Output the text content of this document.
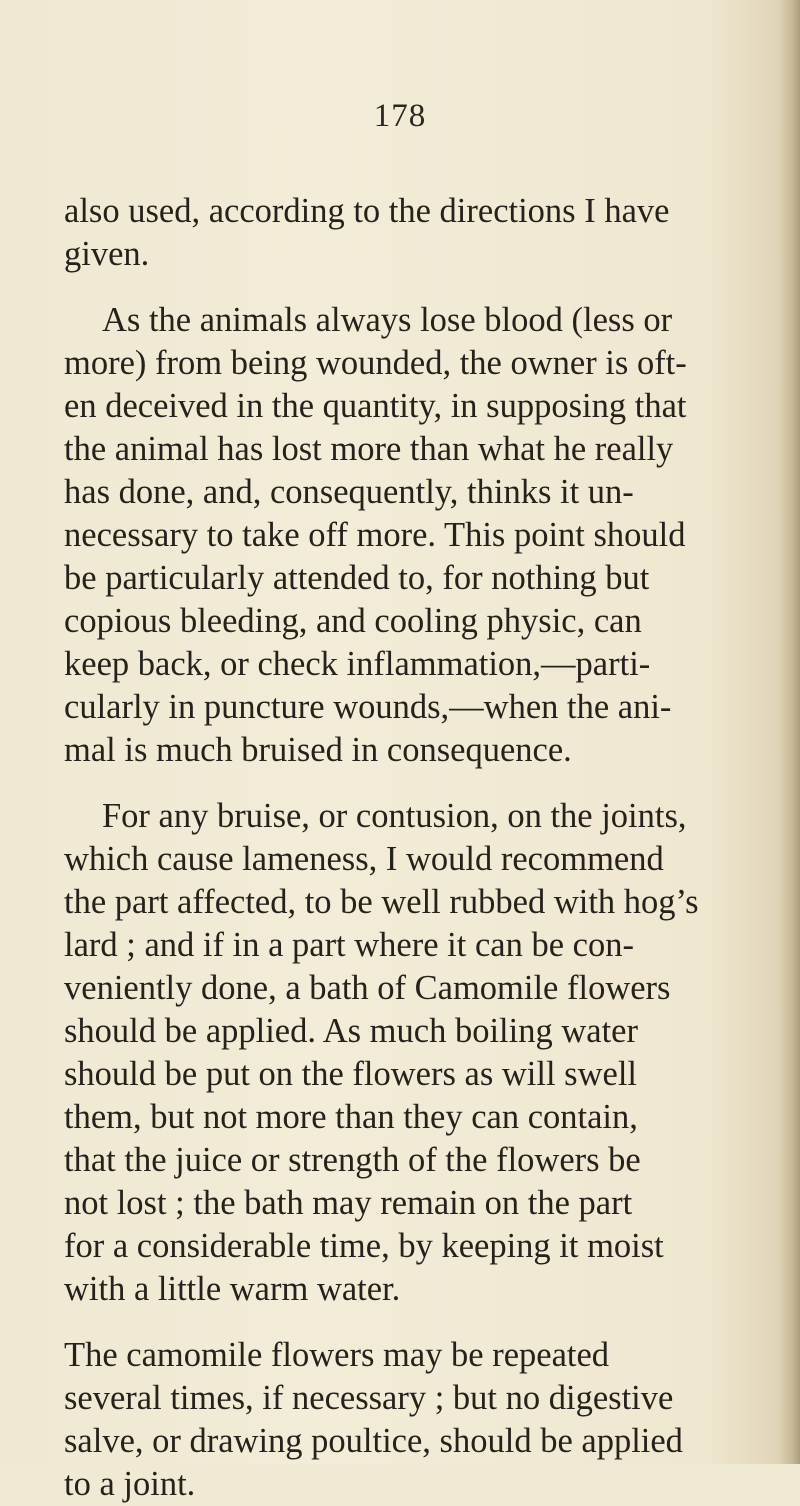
178
also used, according to the directions I have
given.
As the animals always lose blood (less or
more) from being wounded, the owner is oft-
en deceived in the quantity, in supposing that
the animal has lost more than what he really
has done, and, consequently, thinks it un-
necessary to take off more. This point should
be particularly attended to, for nothing but
copious bleeding, and cooling physic, can
keep back, or check inflammation,—parti-
cularly in puncture wounds,—when the ani-
mal is much bruised in consequence.
For any bruise, or contusion, on the joints,
which cause lameness, I would recommend
the part affected, to be well rubbed with hog’s
lard ; and if in a part where it can be con-
veniently done, a bath of Camomile flowers
should be applied. As much boiling water
should be put on the flowers as will swell
them, but not more than they can contain,
that the juice or strength of the flowers be
not lost ; the bath may remain on the part
for a considerable time, by keeping it moist
with a little warm water.
The camomile flowers may be repeated
several times, if necessary ; but no digestive
salve, or drawing poultice, should be applied
to a joint.
